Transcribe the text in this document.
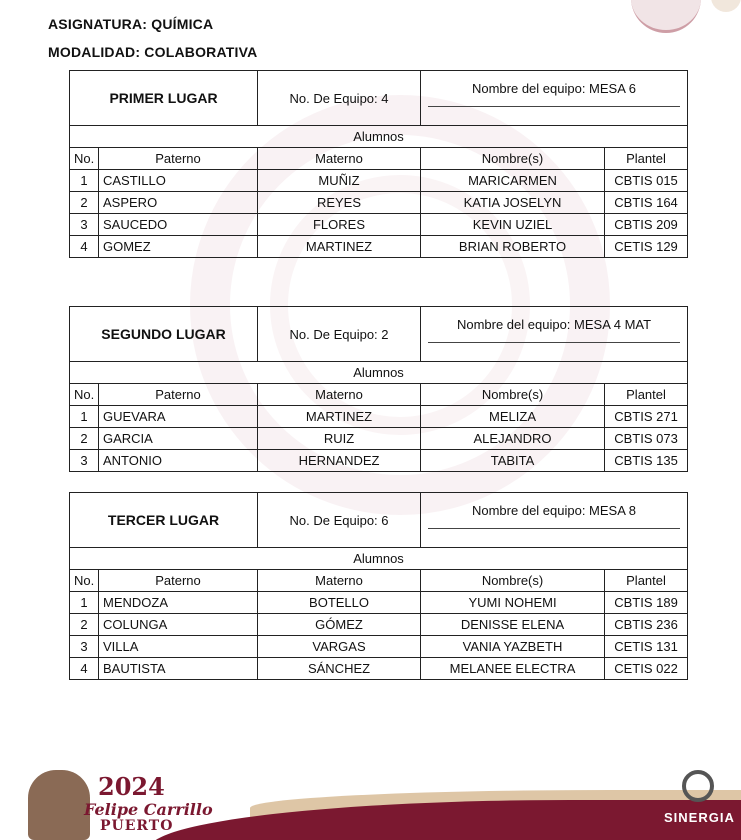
ASIGNATURA: QUÍMICA
MODALIDAD: COLABORATIVA
PRIMER LUGAR		No. De Equipo: 4	Nombre del equipo: MESA 6	

Alumnos				
No.	Paterno	Materno	Nombre(s)	Plantel
1	CASTILLO	MUÑIZ	MARICARMEN	CBTIS 015
2	ASPERO	REYES	KATIA JOSELYN	CBTIS 164
3	SAUCEDO	FLORES	KEVIN UZIEL	CBTIS 209
4	GOMEZ	MARTINEZ	BRIAN ROBERTO	CETIS 129
SEGUNDO LUGAR		No. De Equipo: 2	Nombre del equipo: MESA 4 MAT	

Alumnos				
No.	Paterno	Materno	Nombre(s)	Plantel
1	GUEVARA	MARTINEZ	MELIZA	CBTIS 271
2	GARCIA	RUIZ	ALEJANDRO	CBTIS 073
3	ANTONIO	HERNANDEZ	TABITA	CBTIS 135
TERCER LUGAR		No. De Equipo: 6	Nombre del equipo: MESA 8	

Alumnos				
No.	Paterno	Materno	Nombre(s)	Plantel
1	MENDOZA	BOTELLO	YUMI NOHEMI	CBTIS 189
2	COLUNGA	GÓMEZ	DENISSE ELENA	CBTIS 236
3	VILLA	VARGAS	VANIA YAZBETH	CETIS 131
4	BAUTISTA	SÁNCHEZ	MELANEE ELECTRA	CETIS 022
2024
Felipe Carrillo
PUERTO
SINERGIA
